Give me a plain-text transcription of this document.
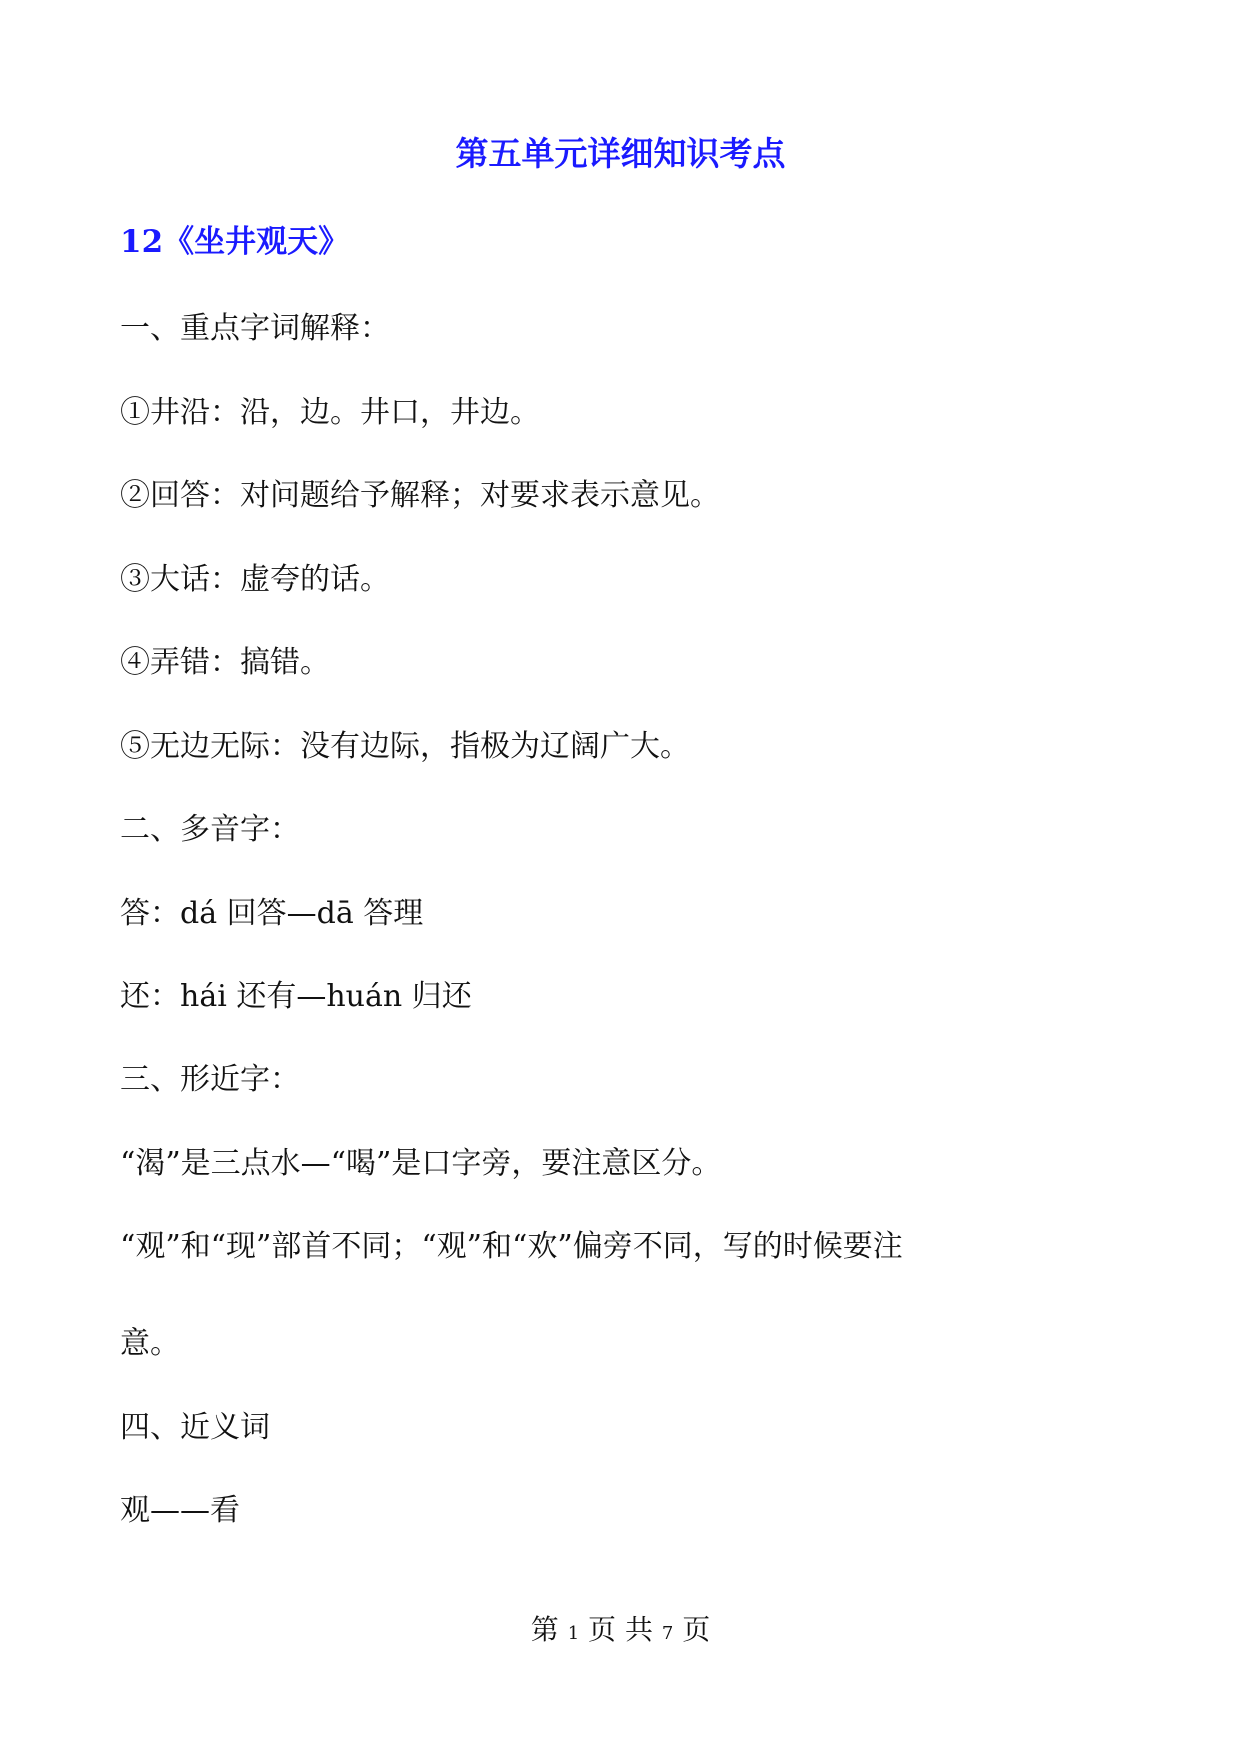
第五单元详细知识考点
12《坐井观天》
一、重点字词解释：
①井沿：沿，边。井口，井边。
②回答：对问题给予解释；对要求表示意见。
③大话：虚夸的话。
④弄错：搞错。
⑤无边无际：没有边际，指极为辽阔广大。
二、多音字：
答：dá 回答—dā 答理
还：hái 还有—huán 归还
三、形近字：
“渴”是三点水—“喝”是口字旁，要注意区分。
“观”和“现”部首不同；“观”和“欢”偏旁不同，写的时候要注
意。
四、近义词
观——看
第 1 页 共 7 页
